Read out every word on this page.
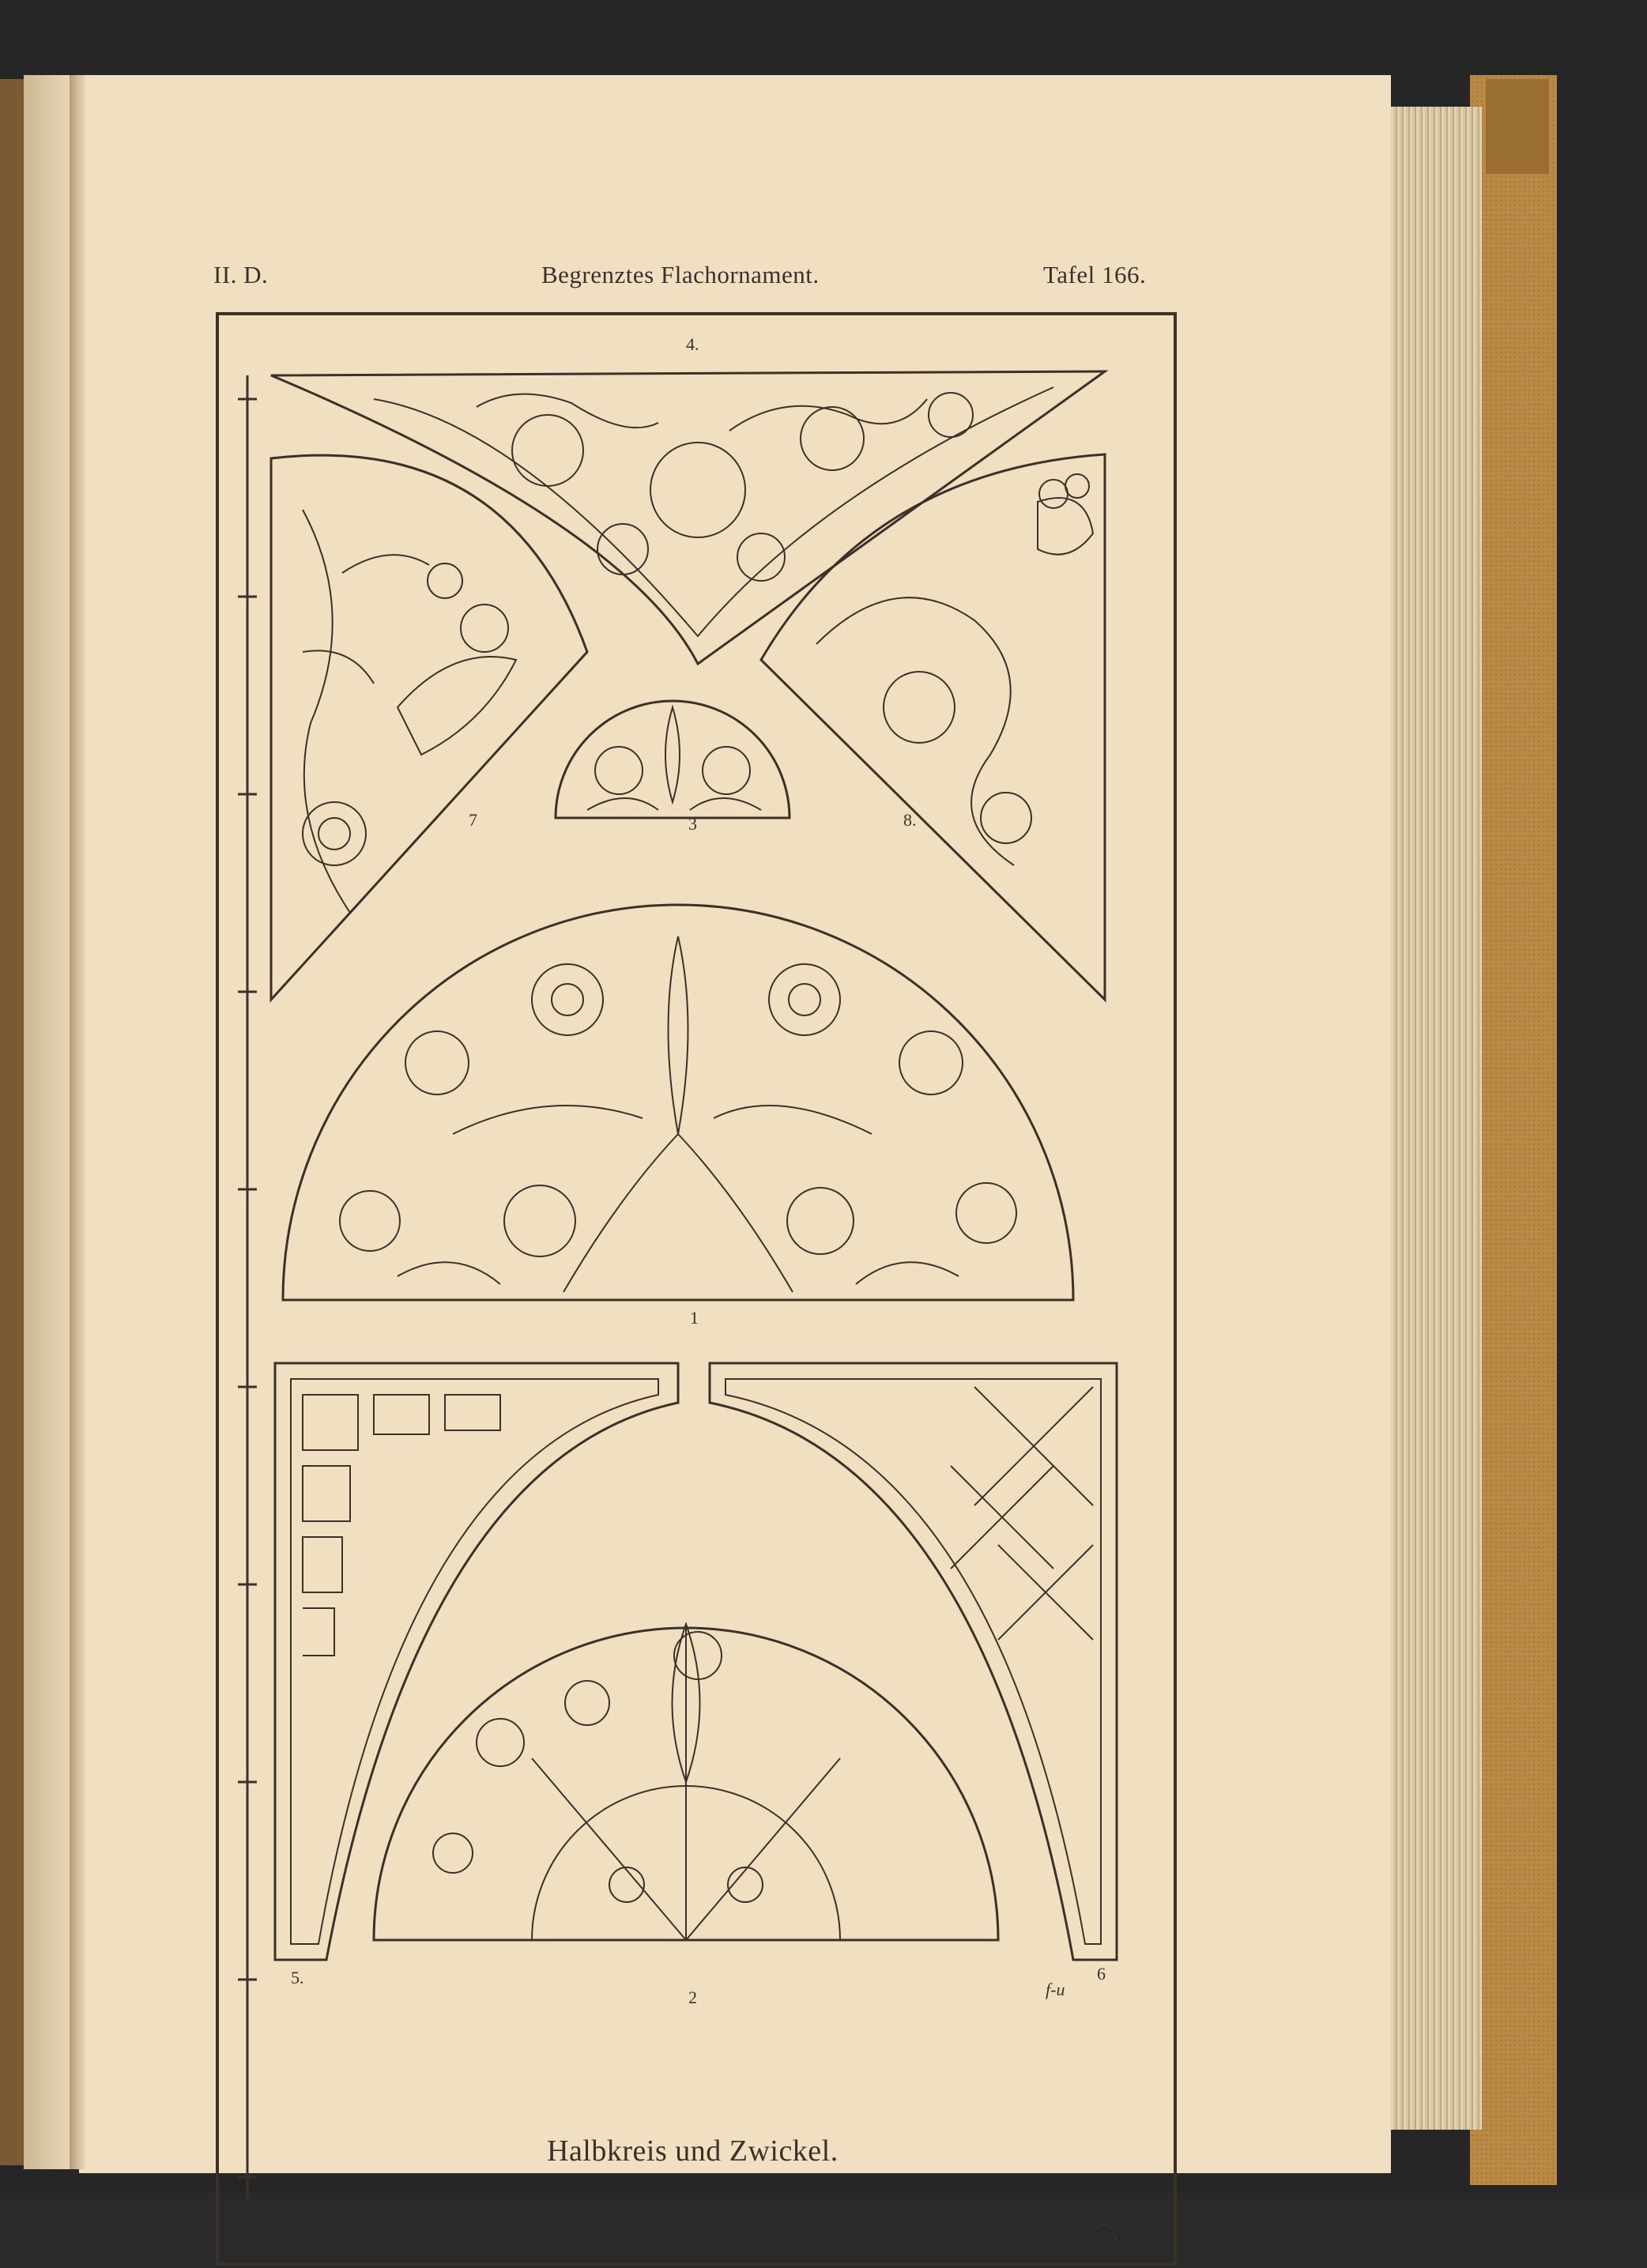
II. D.	Begrenztes Flachornament.	Tafel 166.
4.
7	3	8.
1
5.
2
6
f-u
Halbkreis und Zwickel.
